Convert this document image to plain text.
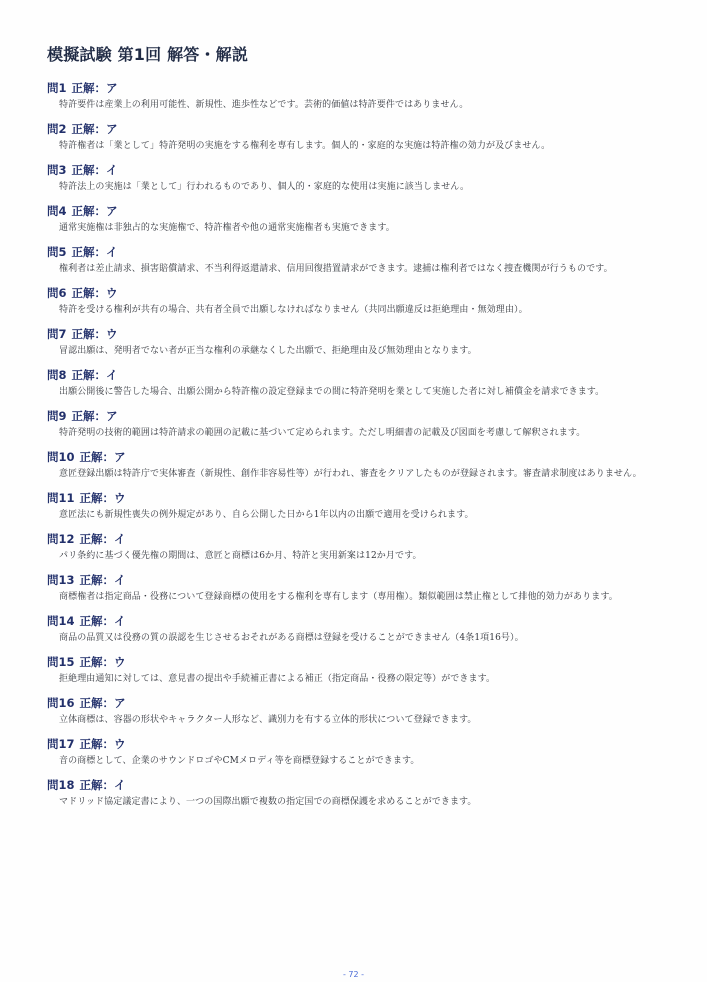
模擬試験 第1回 解答・解説
問1 正解：ア
特許要件は産業上の利用可能性、新規性、進歩性などです。芸術的価値は特許要件ではありません。
問2 正解：ア
特許権者は「業として」特許発明の実施をする権利を専有します。個人的・家庭的な実施は特許権の効力が及びません。
問3 正解：イ
特許法上の実施は「業として」行われるものであり、個人的・家庭的な使用は実施に該当しません。
問4 正解：ア
通常実施権は非独占的な実施権で、特許権者や他の通常実施権者も実施できます。
問5 正解：イ
権利者は差止請求、損害賠償請求、不当利得返還請求、信用回復措置請求ができます。逮捕は権利者ではなく捜査機関が行うものです。
問6 正解：ウ
特許を受ける権利が共有の場合、共有者全員で出願しなければなりません（共同出願違反は拒絶理由・無効理由）。
問7 正解：ウ
冒認出願は、発明者でない者が正当な権利の承継なくした出願で、拒絶理由及び無効理由となります。
問8 正解：イ
出願公開後に警告した場合、出願公開から特許権の設定登録までの間に特許発明を業として実施した者に対し補償金を請求できます。
問9 正解：ア
特許発明の技術的範囲は特許請求の範囲の記載に基づいて定められます。ただし明細書の記載及び図面を考慮して解釈されます。
問10 正解：ア
意匠登録出願は特許庁で実体審査（新規性、創作非容易性等）が行われ、審査をクリアしたものが登録されます。審査請求制度はありません。
問11 正解：ウ
意匠法にも新規性喪失の例外規定があり、自ら公開した日から1年以内の出願で適用を受けられます。
問12 正解：イ
パリ条約に基づく優先権の期間は、意匠と商標は6か月、特許と実用新案は12か月です。
問13 正解：イ
商標権者は指定商品・役務について登録商標の使用をする権利を専有します（専用権）。類似範囲は禁止権として排他的効力があります。
問14 正解：イ
商品の品質又は役務の質の誤認を生じさせるおそれがある商標は登録を受けることができません（4条1項16号）。
問15 正解：ウ
拒絶理由通知に対しては、意見書の提出や手続補正書による補正（指定商品・役務の限定等）ができます。
問16 正解：ア
立体商標は、容器の形状やキャラクター人形など、識別力を有する立体的形状について登録できます。
問17 正解：ウ
音の商標として、企業のサウンドロゴやCMメロディ等を商標登録することができます。
問18 正解：イ
マドリッド協定議定書により、一つの国際出願で複数の指定国での商標保護を求めることができます。
- 72 -
